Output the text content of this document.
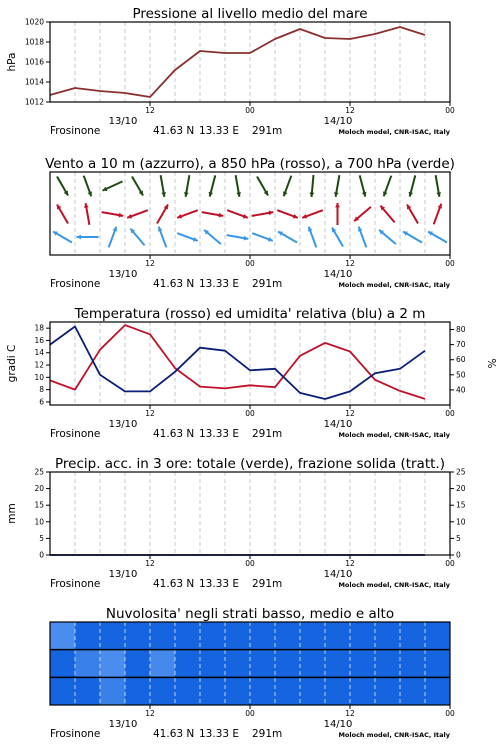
Pressione al livello medio del mare
12	00	12	00
13/10	14/10
Frosinone	41.63 N 13.33 E 291m	Moloch model, CNR-ISAC, Italy
1012
1014
1016
1018
1020
hPa
Vento a 10 m (azzurro), a 850 hPa (rosso), a 700 hPa (verde)
12	00	12	00
13/10	14/10
Frosinone	41.63 N 13.33 E 291m	Moloch model, CNR-ISAC, Italy
Temperatura (rosso) ed umidita' relativa (blu) a 2 m
12	00	12	00
13/10	14/10
Frosinone	41.63 N 13.33 E 291m	Moloch model, CNR-ISAC, Italy
6
8
10
12
14
16
18
40
50
60
70
80
gradi C	%
Precip. acc. in 3 ore: totale (verde), frazione solida (tratt.)
12	00	12	00
13/10	14/10
Frosinone	41.63 N 13.33 E 291m	Moloch model, CNR-ISAC, Italy
0
5
10
15
20
25
0
5
10
15
20
25
mm
Nuvolosita' negli strati basso, medio e alto
12	00	12	00
13/10	14/10
Frosinone	41.63 N 13.33 E 291m	Moloch model, CNR-ISAC, Italy
